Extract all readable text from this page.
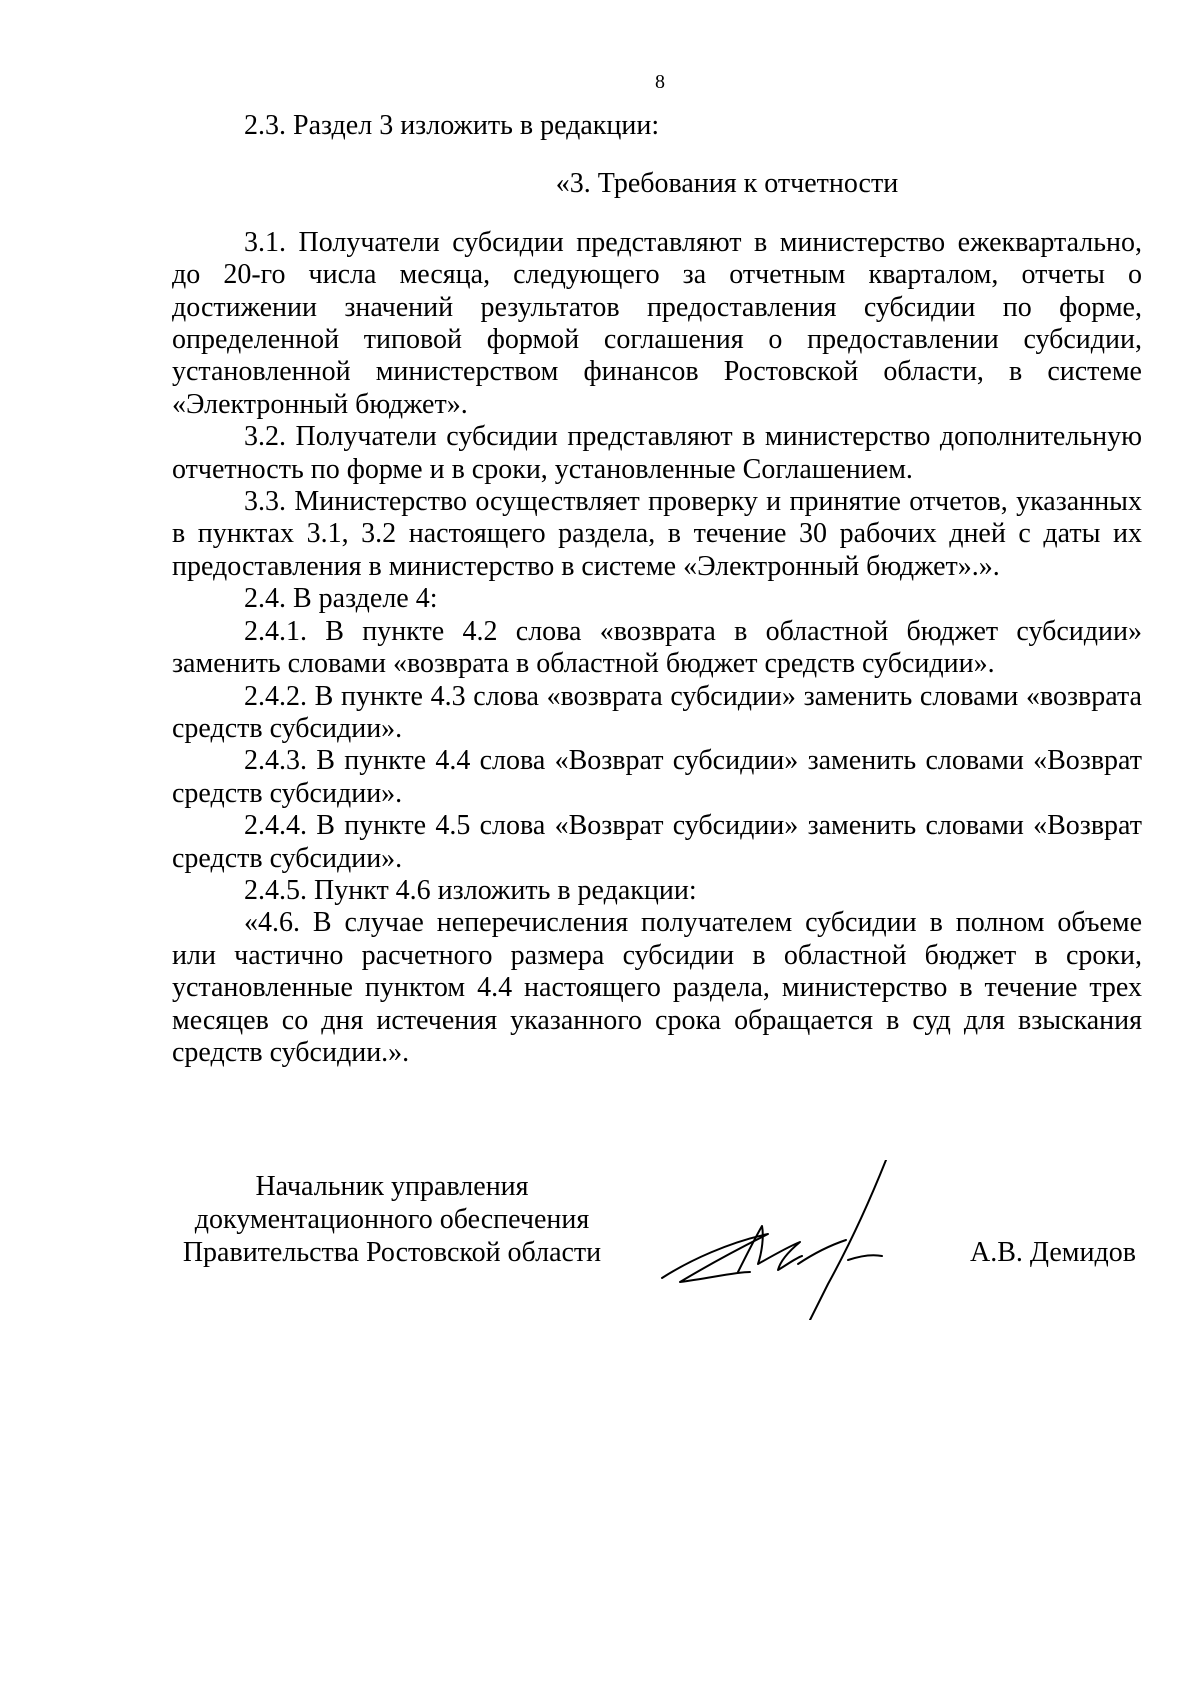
8

2.3. Раздел 3 изложить в редакции:

«3. Требования к отчетности

3.1. Получатели субсидии представляют в министерство ежеквартально, до 20-го числа месяца, следующего за отчетным кварталом, отчеты о достижении значений результатов предоставления субсидии по форме, определенной типовой формой соглашения о предоставлении субсидии, установленной министерством финансов Ростовской области, в системе «Электронный бюджет».

3.2. Получатели субсидии представляют в министерство дополнительную отчетность по форме и в сроки, установленные Соглашением.

3.3. Министерство осуществляет проверку и принятие отчетов, указанных в пунктах 3.1, 3.2 настоящего раздела, в течение 30 рабочих дней с даты их предоставления в министерство в системе «Электронный бюджет».».

2.4. В разделе 4:

2.4.1. В пункте 4.2 слова «возврата в областной бюджет субсидии» заменить словами «возврата в областной бюджет средств субсидии».

2.4.2. В пункте 4.3 слова «возврата субсидии» заменить словами «возврата средств субсидии».

2.4.3. В пункте 4.4 слова «Возврат субсидии» заменить словами «Возврат средств субсидии».

2.4.4. В пункте 4.5 слова «Возврат субсидии» заменить словами «Возврат средств субсидии».

2.4.5. Пункт 4.6 изложить в редакции:

«4.6. В случае неперечисления получателем субсидии в полном объеме или частично расчетного размера субсидии в областной бюджет в сроки, установленные пунктом 4.4 настоящего раздела, министерство в течение трех месяцев со дня истечения указанного срока обращается в суд для взыскания средств субсидии.».

Начальник управления
документационного обеспечения
Правительства Ростовской области	А.В. Демидов
